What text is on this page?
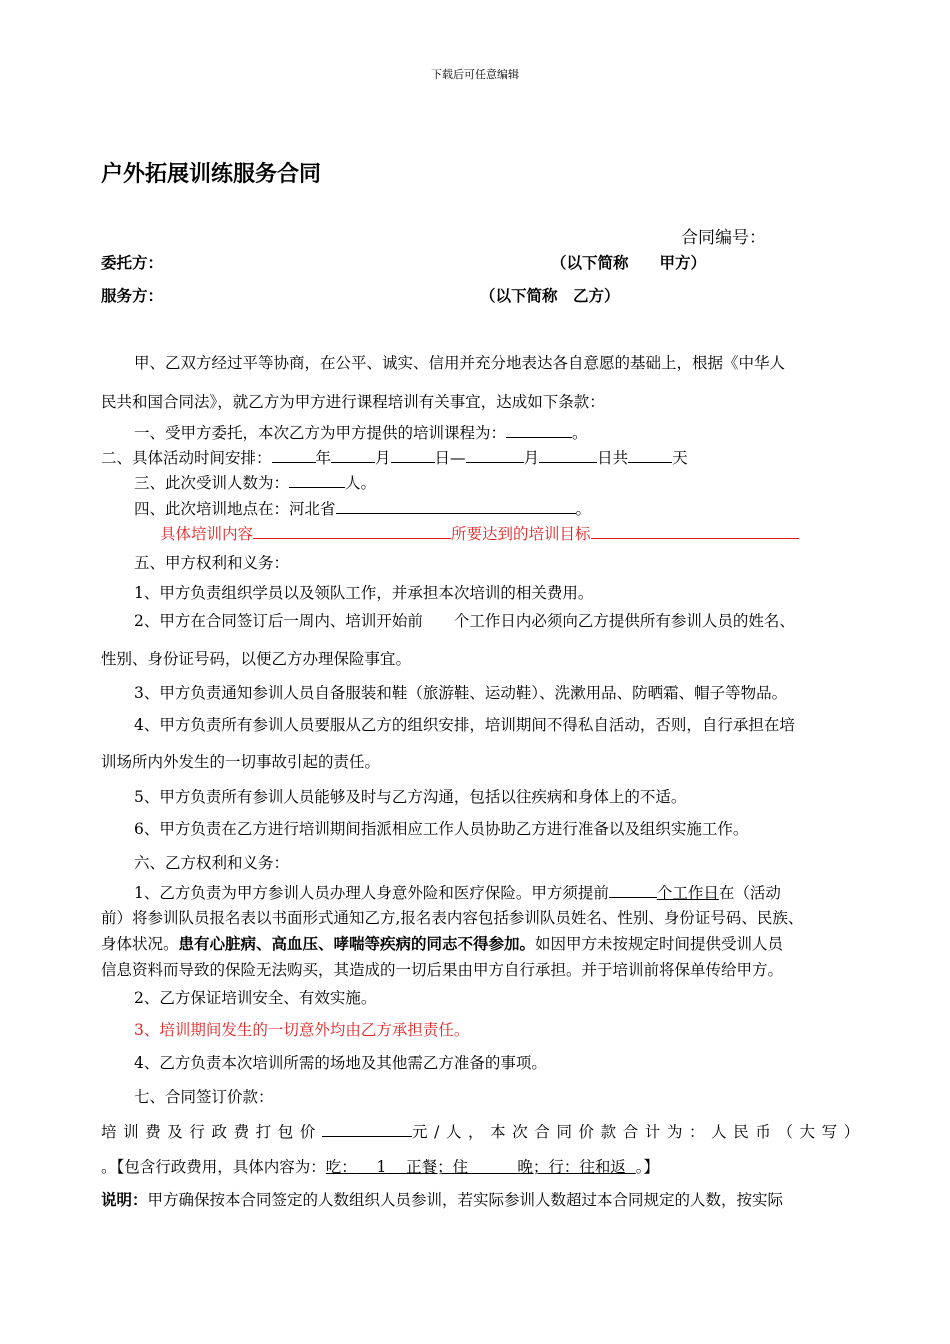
下载后可任意编辑
户外拓展训练服务合同
合同编号：
委托方：	（以下简称　　甲方）
服务方：	（以下简称　乙方）
甲、乙双方经过平等协商，在公平、诚实、信用并充分地表达各自意愿的基础上，根据《中华人
民共和国合同法》，就乙方为甲方进行课程培训有关事宜，达成如下条款：
一、受甲方委托，本次乙方为甲方提供的培训课程为：	。
二、具体活动时间安排：	年	月	日—	月	日共	天
三、此次受训人数为：	人。
四、此次培训地点在：河北省	。
具体培训内容	所要达到的培训目标
五、甲方权利和义务：
1、甲方负责组织学员以及领队工作，并承担本次培训的相关费用。
2、甲方在合同签订后一周内、培训开始前　　个工作日内必须向乙方提供所有参训人员的姓名、
性别、身份证号码，以便乙方办理保险事宜。
3、甲方负责通知参训人员自备服装和鞋（旅游鞋、运动鞋）、洗漱用品、防晒霜、帽子等物品。
4、甲方负责所有参训人员要服从乙方的组织安排，培训期间不得私自活动，否则，自行承担在培
训场所内外发生的一切事故引起的责任。
5、甲方负责所有参训人员能够及时与乙方沟通，包括以往疾病和身体上的不适。
6、甲方负责在乙方进行培训期间指派相应工作人员协助乙方进行准备以及组织实施工作。
六、乙方权利和义务：
1、乙方负责为甲方参训人员办理人身意外险和医疗保险。甲方须提前	个工作日在（活动
前）将参训队员报名表以书面形式通知乙方,报名表内容包括参训队员姓名、性别、身份证号码、民族、
身体状况。患有心脏病、高血压、哮喘等疾病的同志不得参加。如因甲方未按规定时间提供受训人员
信息资料而导致的保险无法购买，其造成的一切后果由甲方自行承担。并于培训前将保单传给甲方。
2、乙方保证培训安全、有效实施。
3、培训期间发生的一切意外均由乙方承担责任。
4、乙方负责本次培训所需的场地及其他需乙方准备的事项。
七、合同签订价款：
培训费及行政费打包价	元/人，本次合同价款合计为：人民币（大写）
。【包含行政费用，具体内容为：吃： 1 正餐；住	晚；行：往和返 。】
说明：甲方确保按本合同签定的人数组织人员参训，若实际参训人数超过本合同规定的人数，按实际
